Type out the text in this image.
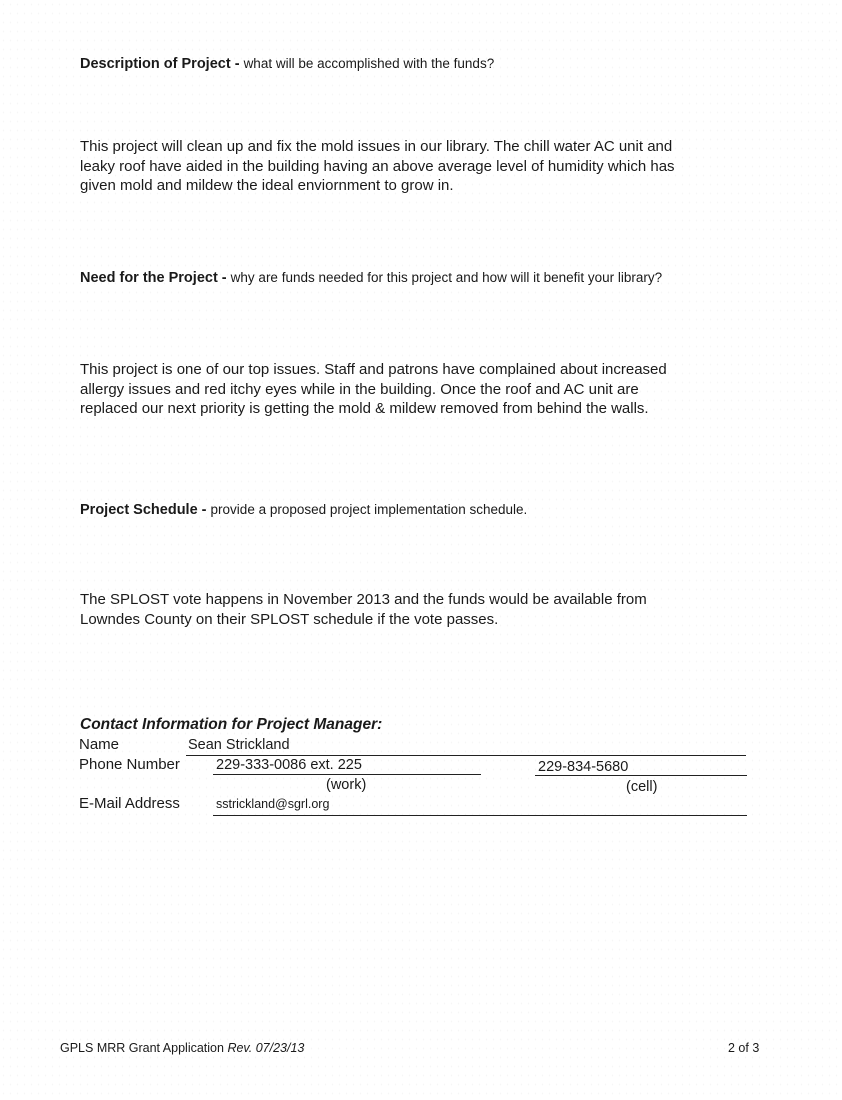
Description of Project - what will be accomplished with the funds?

This project will clean up and fix the mold issues in our library. The chill water AC unit and
leaky roof have aided in the building having an above average level of humidity which has
given mold and mildew the ideal enviornment to grow in.

Need for the Project - why are funds needed for this project and how will it benefit your library?

This project is one of our top issues. Staff and patrons have complained about increased
allergy issues and red itchy eyes while in the building. Once the roof and AC unit are
replaced our next priority is getting the mold & mildew removed from behind the walls.

Project Schedule - provide a proposed project implementation schedule.

The SPLOST vote happens in November 2013 and the funds would be available from
Lowndes County on their SPLOST schedule if the vote passes.

Contact Information for Project Manager:
Name	Sean Strickland
Phone Number 229-333-0086 ext. 225	229-834-5680
(work)	(cell)
E-Mail Address	sstrickland@sgrl.org
GPLS MRR Grant Application Rev. 07/23/13	2 of 3
